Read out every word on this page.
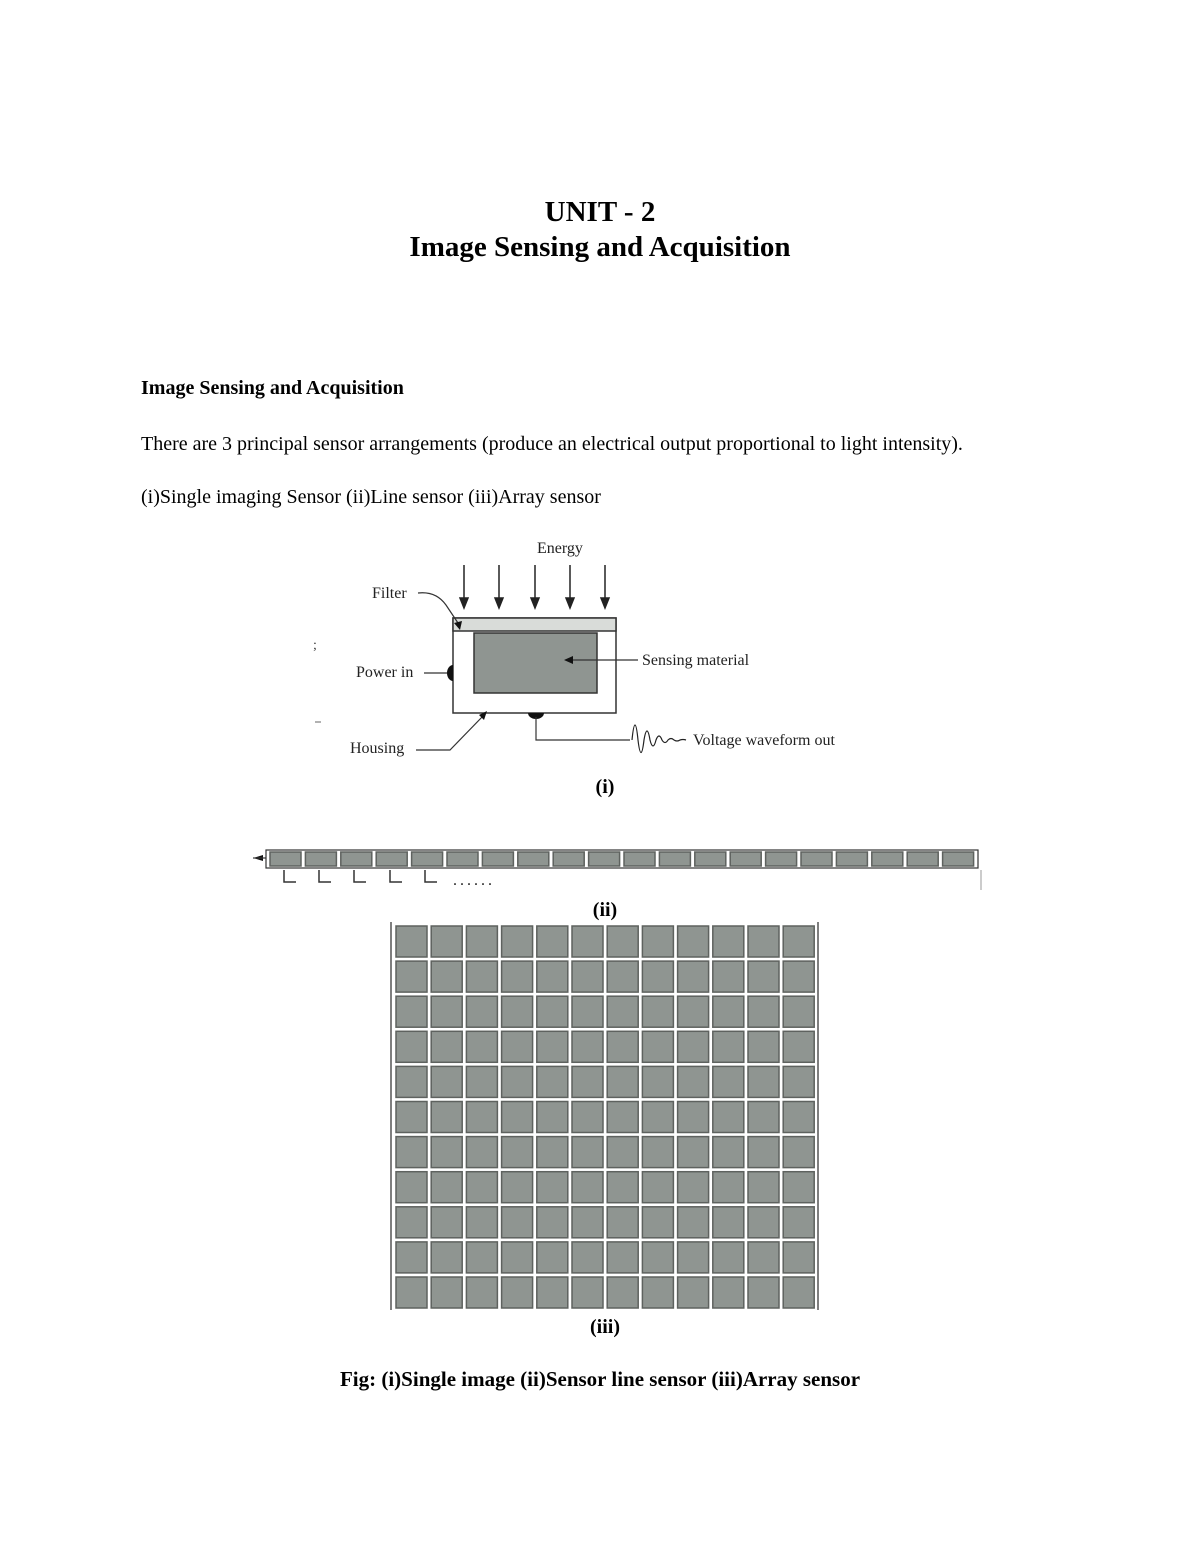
UNIT - 2
Image Sensing and Acquisition
Image Sensing and Acquisition
There are 3 principal sensor arrangements (produce an electrical output proportional to light intensity).
(i)Single imaging Sensor (ii)Line sensor (iii)Array sensor
Energy
Filter
Power in
Sensing material
Housing	Voltage waveform out
;
(i)
......
(ii)
(iii)
Fig: (i)Single image (ii)Sensor line sensor (iii)Array sensor
